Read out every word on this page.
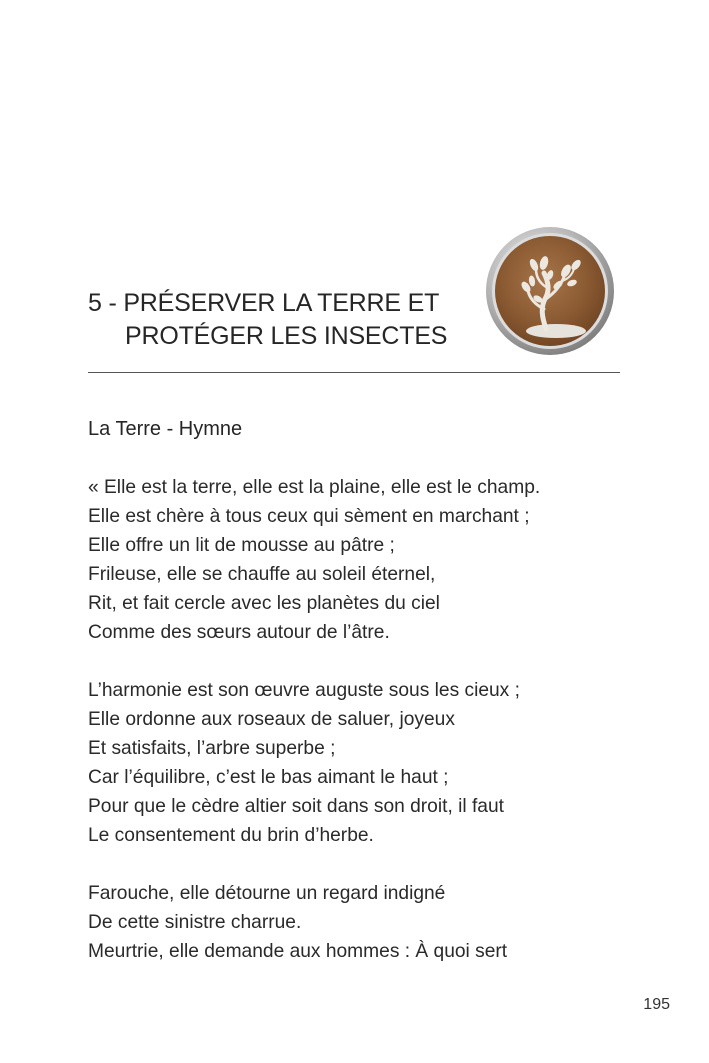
5 - PRÉSERVER LA TERRE ET
PROTÉGER LES INSECTES
La Terre - Hymne
« Elle est la terre, elle est la plaine, elle est le champ.
Elle est chère à tous ceux qui sèment en marchant ;
Elle offre un lit de mousse au pâtre ;
Frileuse, elle se chauffe au soleil éternel,
Rit, et fait cercle avec les planètes du ciel
Comme des sœurs autour de l’âtre.
L’harmonie est son œuvre auguste sous les cieux ;
Elle ordonne aux roseaux de saluer, joyeux
Et satisfaits, l’arbre superbe ;
Car l’équilibre, c’est le bas aimant le haut ;
Pour que le cèdre altier soit dans son droit, il faut
Le consentement du brin d’herbe.
Farouche, elle détourne un regard indigné
De cette sinistre charrue.
Meurtrie, elle demande aux hommes : À quoi sert
195
